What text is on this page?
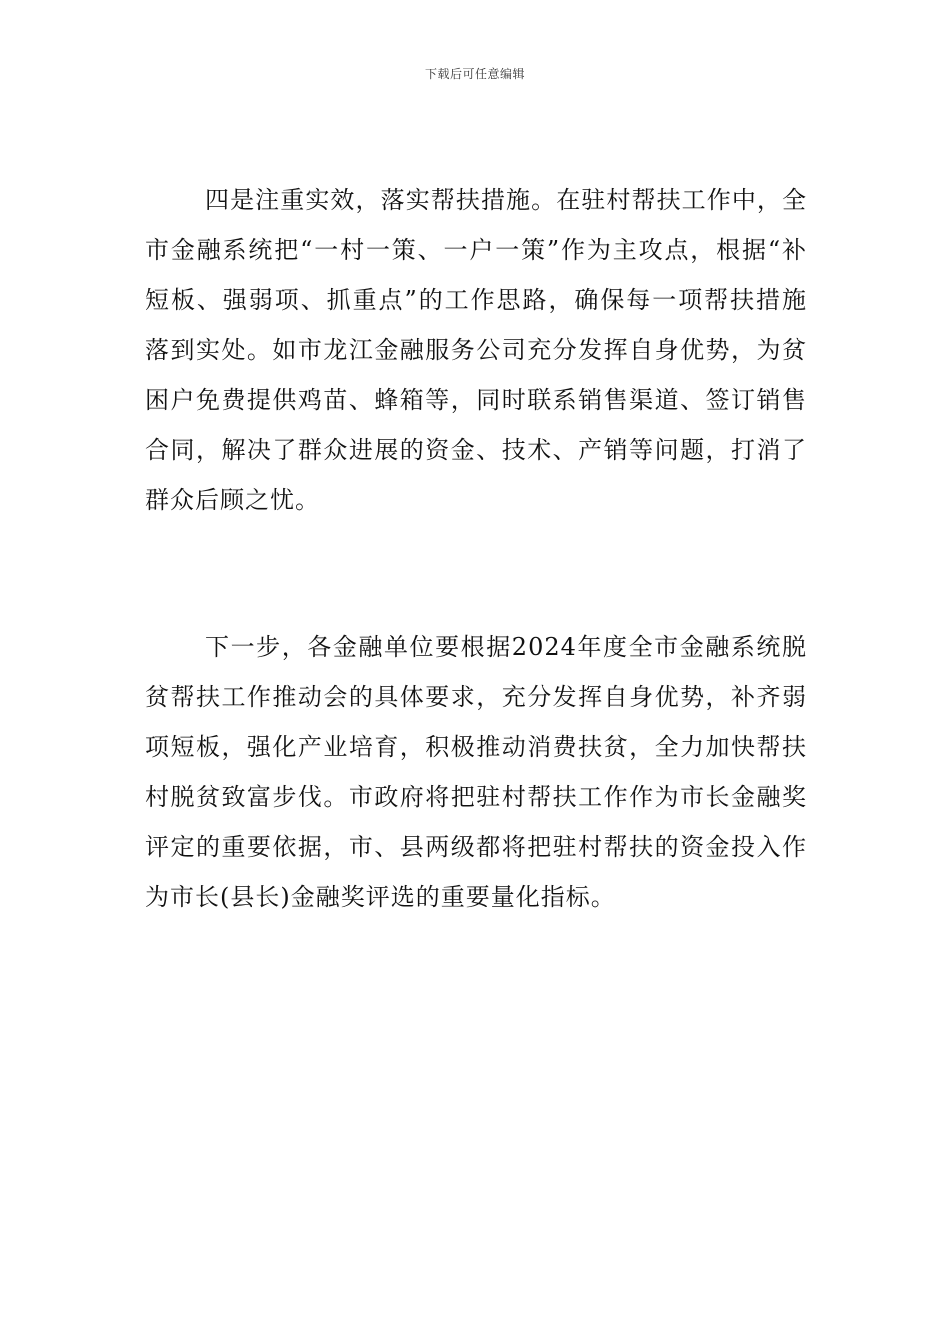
下载后可任意编辑

四是注重实效，落实帮扶措施。在驻村帮扶工作中，全市金融系统把“一村一策、一户一策”作为主攻点，根据“补短板、强弱项、抓重点”的工作思路，确保每一项帮扶措施落到实处。如市龙江金融服务公司充分发挥自身优势，为贫困户免费提供鸡苗、蜂箱等，同时联系销售渠道、签订销售合同，解决了群众进展的资金、技术、产销等问题，打消了群众后顾之忧。

下一步，各金融单位要根据2024年度全市金融系统脱贫帮扶工作推动会的具体要求，充分发挥自身优势，补齐弱项短板，强化产业培育，积极推动消费扶贫，全力加快帮扶村脱贫致富步伐。市政府将把驻村帮扶工作作为市长金融奖评定的重要依据，市、县两级都将把驻村帮扶的资金投入作为市长(县长)金融奖评选的重要量化指标。
